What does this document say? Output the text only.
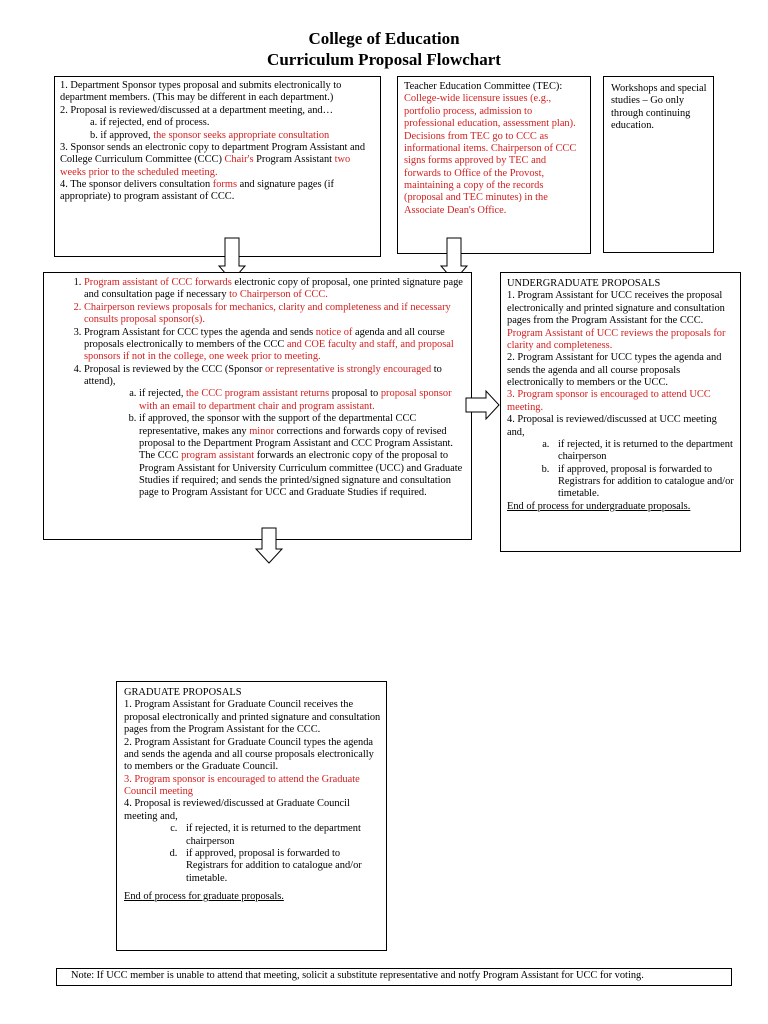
College of Education
Curriculum Proposal Flowchart

1. Department Sponsor types proposal and submits electronically to department members. (This may be different in each department.)

2. Proposal is reviewed/discussed at a department meeting, and…

a. if rejected, end of process.

b. if approved, the sponsor seeks appropriate consultation

3. Sponsor sends an electronic copy to department Program Assistant and College Curriculum Committee (CCC) Chair's Program Assistant two weeks prior to the scheduled meeting.

4. The sponsor delivers consultation forms and signature pages (if appropriate) to program assistant of CCC.

Teacher Education Committee (TEC):

College-wide licensure issues (e.g., portfolio process, admission to professional education, assessment plan). Decisions from TEC go to CCC as informational items. Chairperson of CCC signs forms approved by TEC and forwards to Office of the Provost, maintaining a copy of the records (proposal and TEC minutes) in the Associate Dean's Office.

Workshops and special studies – Go only through continuing education.

1. Program assistant of CCC forwards electronic copy of proposal, one printed signature page and consultation page if necessary to Chairperson of CCC.
2. Chairperson reviews proposals for mechanics, clarity and completeness and if necessary consults proposal sponsor(s).
3. Program Assistant for CCC types the agenda and sends notice of agenda and all course proposals electronically to members of the CCC and COE faculty and staff, and proposal sponsors if not in the college, one week prior to meeting.
4. Proposal is reviewed by the CCC (Sponsor or representative is strongly encouraged to attend),
a. if rejected, the CCC program assistant returns proposal to proposal sponsor with an email to department chair and program assistant.
b. if approved, the sponsor with the support of the departmental CCC representative, makes any minor corrections and forwards copy of revised proposal to the Department Program Assistant and CCC Program Assistant. The CCC program assistant forwards an electronic copy of the proposal to Program Assistant for University Curriculum committee (UCC) and Graduate Studies if required; and sends the printed/signed signature and consultation page to Program Assistant for UCC and Graduate Studies if required.

UNDERGRADUATE PROPOSALS

1. Program Assistant for UCC receives the proposal electronically and printed signature and consultation pages from the Program Assistant for the CCC. Program Assistant of UCC reviews the proposals for clarity and completeness.

2. Program Assistant for UCC types the agenda and sends the agenda and all course proposals electronically to members or the UCC.

3. Program sponsor is encouraged to attend UCC meeting.

4. Proposal is reviewed/discussed at UCC meeting and,

a. if rejected, it is returned to the department chairperson
b. if approved, proposal is forwarded to Registrars for addition to catalogue and/or timetable.

End of process for undergraduate proposals.

GRADUATE PROPOSALS

1. Program Assistant for Graduate Council receives the proposal electronically and printed signature and consultation pages from the Program Assistant for the CCC.

2. Program Assistant for Graduate Council types the agenda and sends the agenda and all course proposals electronically to members or the Graduate Council.

3. Program sponsor is encouraged to attend the Graduate Council meeting

4. Proposal is reviewed/discussed at Graduate Council meeting and,

c. if rejected, it is returned to the department chairperson
d. if approved, proposal is forwarded to Registrars for addition to catalogue and/or timetable.

End of process for graduate proposals.

Note: If UCC member is unable to attend that meeting, solicit a substitute representative and notfy Program Assistant for UCC for voting.
